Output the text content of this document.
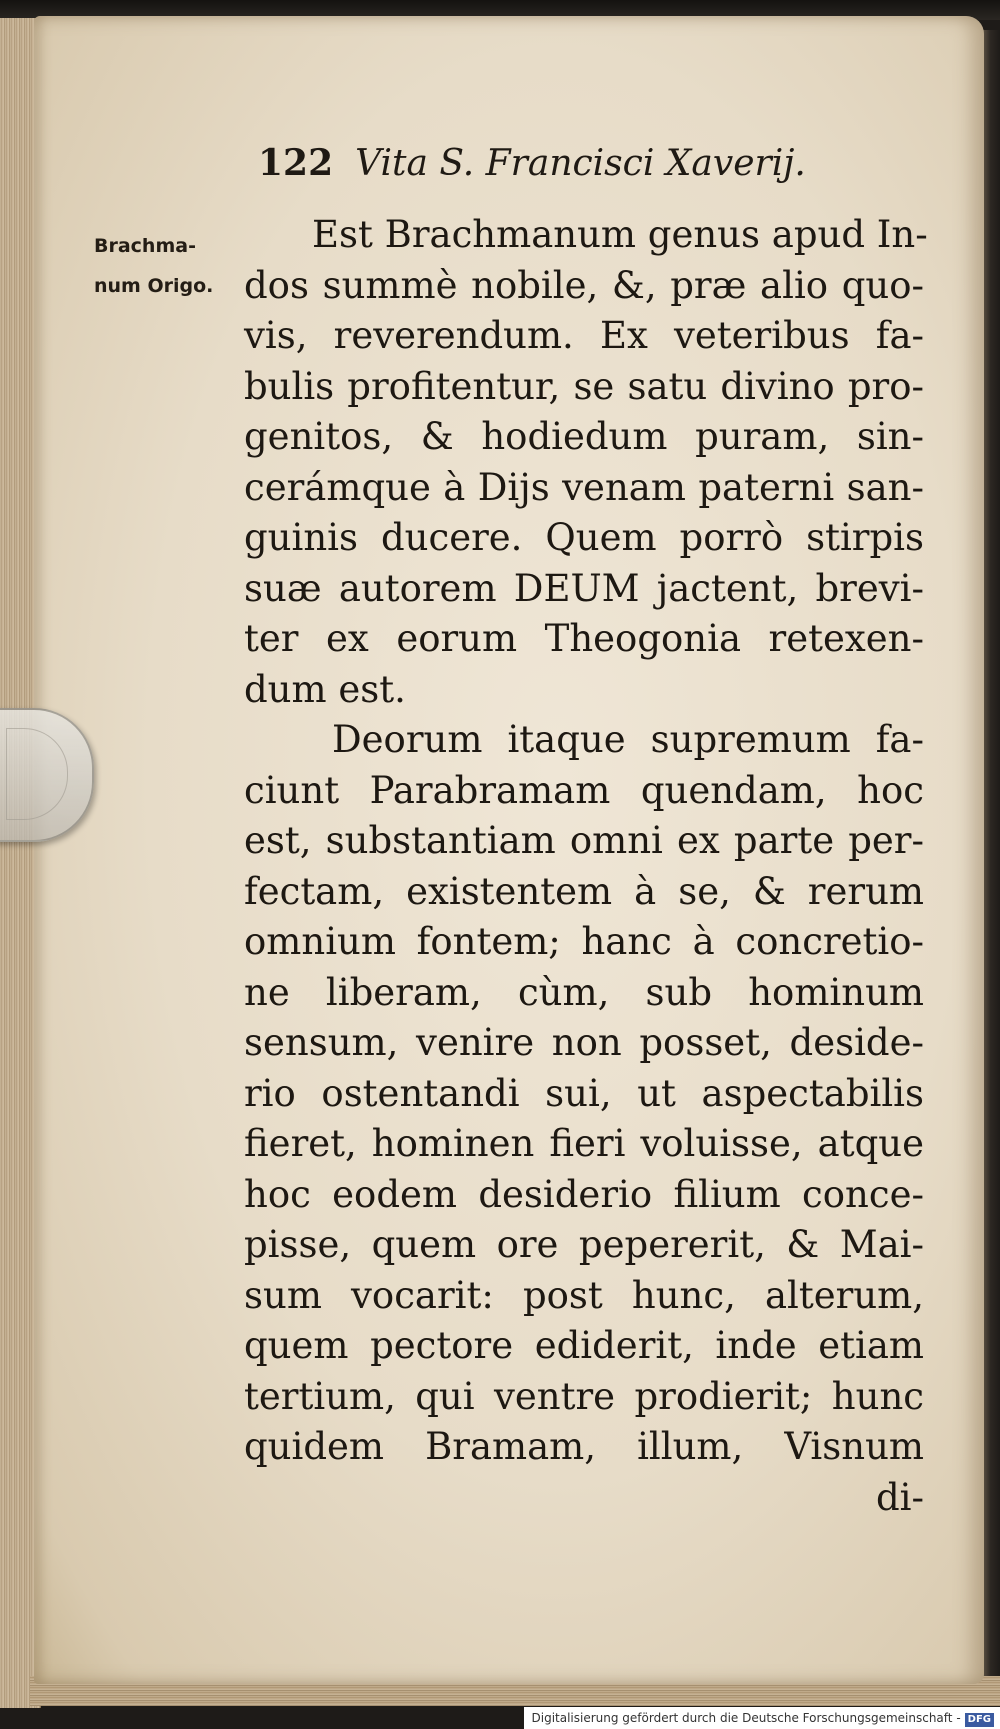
122 Vita S. Francisci Xaverij.
Brachma-
num Origo.
Est Brachmanum genus apud In-
dos summè nobile, &, præ alio quo-
vis, reverendum. Ex veteribus fa-
bulis profitentur, se satu divino pro-
genitos, & hodiedum puram, sin-
cerámque à Dijs venam paterni san-
guinis ducere. Quem porrò stirpis
suæ autorem DEUM jactent, brevi-
ter ex eorum Theogonia retexen-
dum est.
Deorum itaque supremum fa-
ciunt Parabramam quendam, hoc
est, substantiam omni ex parte per-
fectam, existentem à se, & rerum
omnium fontem; hanc à concretio-
ne liberam, cùm, sub hominum
sensum, venire non posset, deside-
rio ostentandi sui, ut aspectabilis
fieret, hominen fieri voluisse, atque
hoc eodem desiderio filium conce-
pisse, quem ore pepererit, & Mai-
sum vocarit: post hunc, alterum,
quem pectore ediderit, inde etiam
tertium, qui ventre prodierit; hunc
quidem Bramam, illum, Visnum
di-
Digitalisierung gefördert durch die Deutsche Forschungsgemeinschaft - DFG
